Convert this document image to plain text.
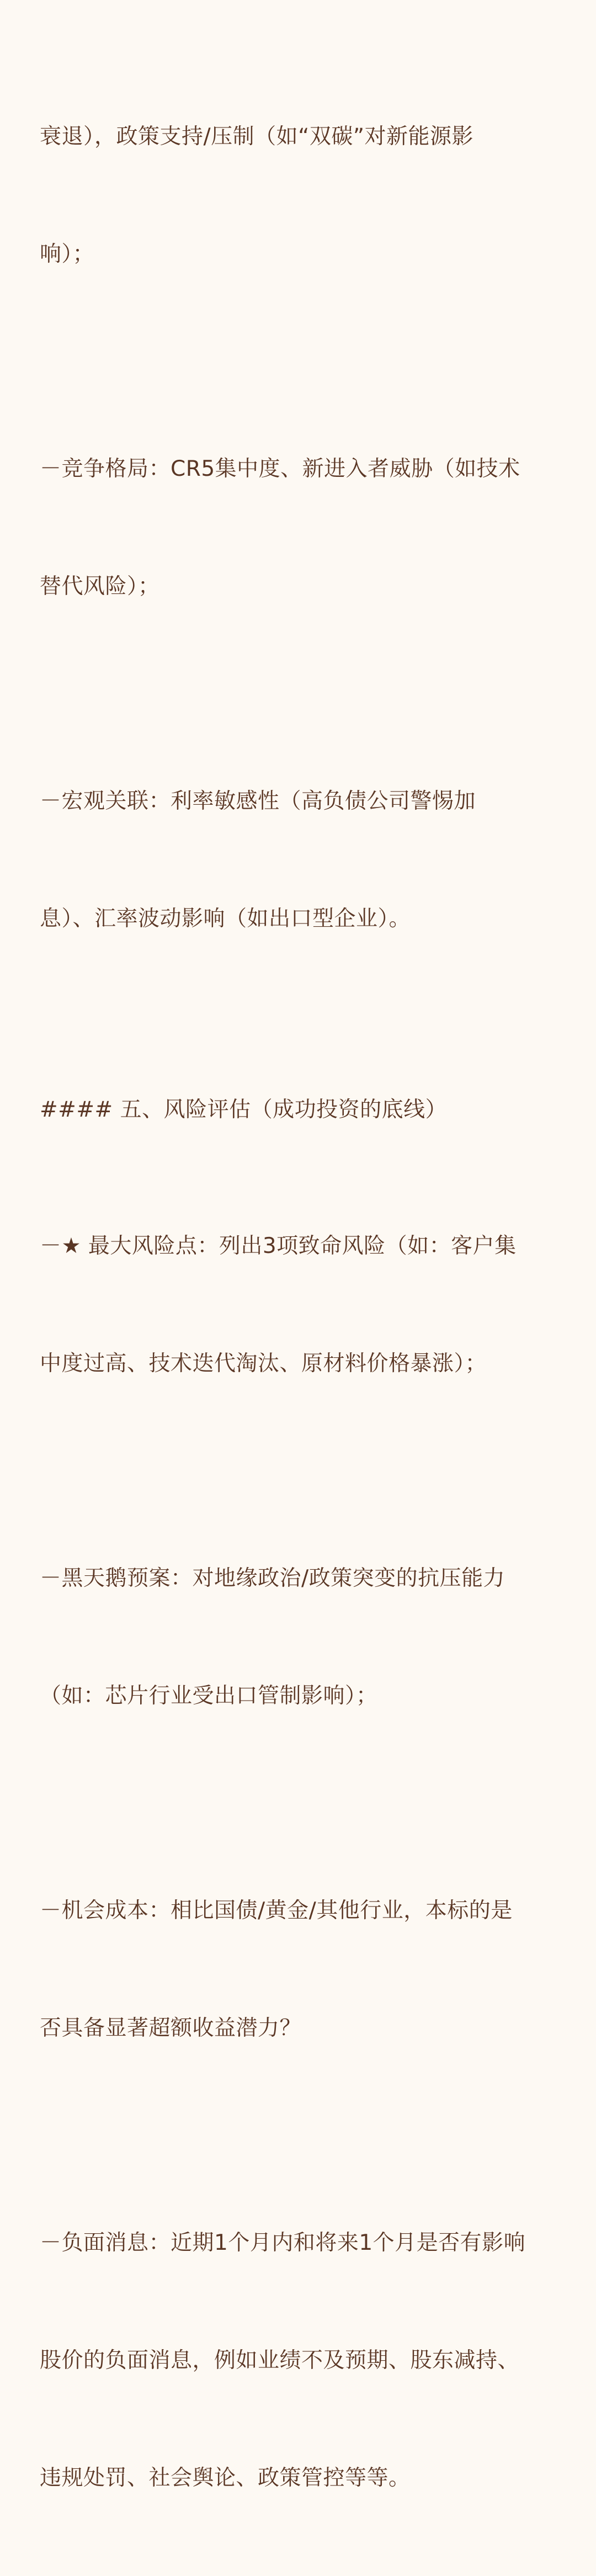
衰退），政策支持/压制（如“双碳”对新能源影

响）；

－竞争格局：CR5集中度、新进入者威胁（如技术

替代风险）；

－宏观关联：利率敏感性（高负债公司警惕加

息）、汇率波动影响（如出口型企业）。

#### 五、风险评估（成功投资的底线）

－★ 最大风险点：列出3项致命风险（如：客户集

中度过高、技术迭代淘汰、原材料价格暴涨）；

－黑天鹅预案：对地缘政治/政策突变的抗压能力

（如：芯片行业受出口管制影响）；

－机会成本：相比国债/黄金/其他行业，本标的是

否具备显著超额收益潜力？

－负面消息：近期1个月内和将来1个月是否有影响

股价的负面消息，例如业绩不及预期、股东减持、

违规处罚、社会舆论、政策管控等等。
